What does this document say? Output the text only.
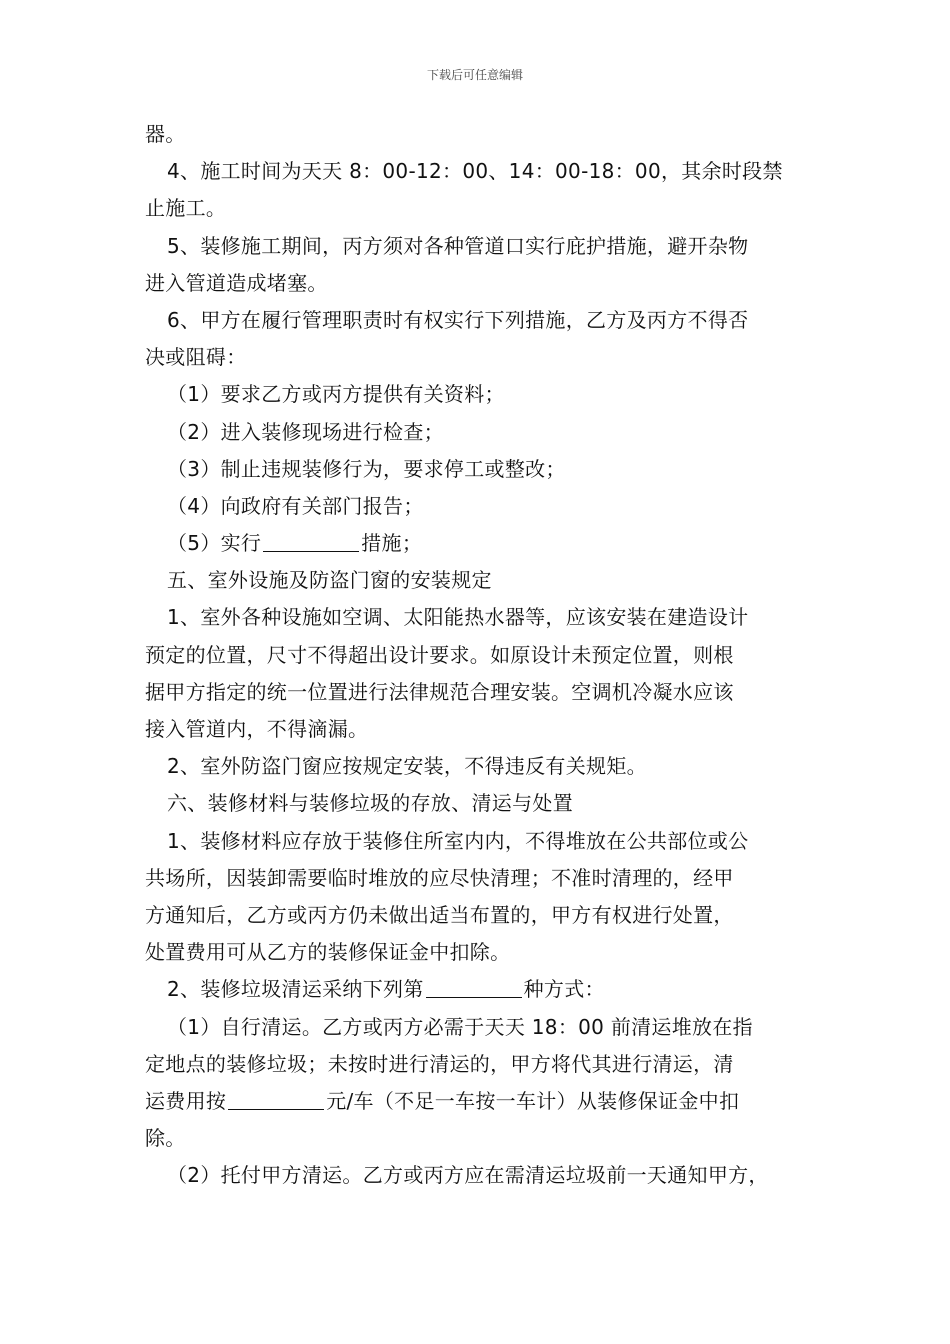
下载后可任意编辑
器。
4、施工时间为天天 8：00-12：00、14：00-18：00，其余时段禁
止施工。
5、装修施工期间，丙方须对各种管道口实行庇护措施，避开杂物
进入管道造成堵塞。
6、甲方在履行管理职责时有权实行下列措施，乙方及丙方不得否
决或阻碍：
（1）要求乙方或丙方提供有关资料；
（2）进入装修现场进行检查；
（3）制止违规装修行为，要求停工或整改；
（4）向政府有关部门报告；
（5）实行	措施；
五、室外设施及防盗门窗的安装规定
1、室外各种设施如空调、太阳能热水器等，应该安装在建造设计
预定的位置，尺寸不得超出设计要求。如原设计未预定位置，则根
据甲方指定的统一位置进行法律规范合理安装。空调机冷凝水应该
接入管道内，不得滴漏。
2、室外防盗门窗应按规定安装，不得违反有关规矩。
六、装修材料与装修垃圾的存放、清运与处置
1、装修材料应存放于装修住所室内内，不得堆放在公共部位或公
共场所，因装卸需要临时堆放的应尽快清理；不准时清理的，经甲
方通知后，乙方或丙方仍未做出适当布置的，甲方有权进行处置，
处置费用可从乙方的装修保证金中扣除。
2、装修垃圾清运采纳下列第	种方式：
（1）自行清运。乙方或丙方必需于天天 18：00 前清运堆放在指
定地点的装修垃圾；未按时进行清运的，甲方将代其进行清运，清
运费用按	元/车（不足一车按一车计）从装修保证金中扣
除。
（2）托付甲方清运。乙方或丙方应在需清运垃圾前一天通知甲方，
